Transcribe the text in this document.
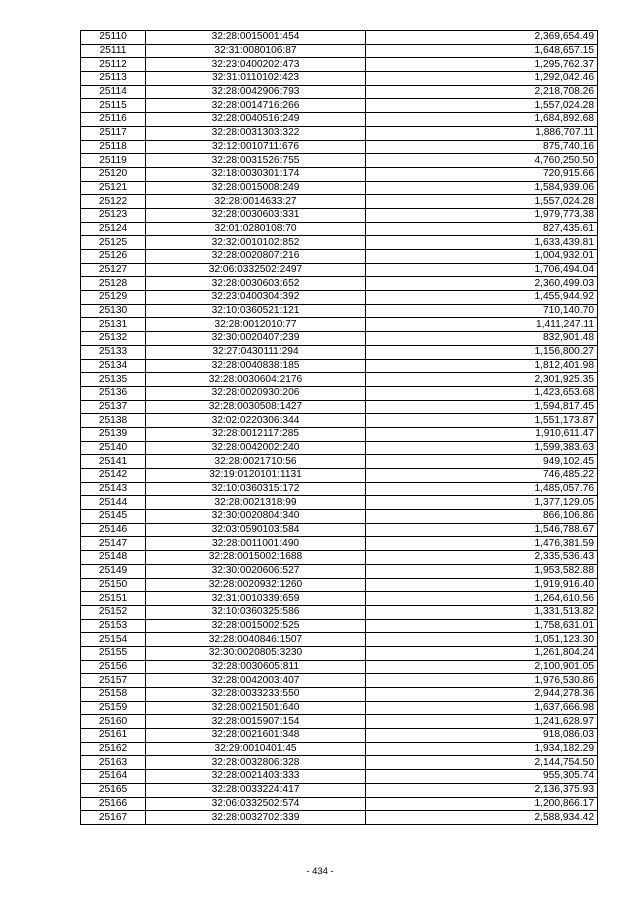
25110	32:28:0015001:454	2,369,654.49
25111	32:31:0080106:87	1,648,657.15
25112	32:23:0400202:473	1,295,762.37
25113	32:31:0110102:423	1,292,042.46
25114	32:28:0042906:793	2,218,708.26
25115	32:28:0014716:266	1,557,024.28
25116	32:28:0040516:249	1,684,892.68
25117	32:28:0031303:322	1,886,707.11
25118	32:12:0010711:676	875,740.16
25119	32:28:0031526:755	4,760,250.50
25120	32:18:0030301:174	720,915.66
25121	32:28:0015008:249	1,584,939.06
25122	32:28:0014633:27	1,557,024.28
25123	32:28:0030603:331	1,979,773.38
25124	32:01:0280108:70	827,435.61
25125	32:32:0010102:852	1,633,439.81
25126	32:28:0020807:216	1,004,932.01
25127	32:06:0332502:2497	1,706,494.04
25128	32:28:0030603:652	2,360,499.03
25129	32:23:0400304:392	1,455,944.92
25130	32:10:0360521:121	710,140.70
25131	32:28:0012010:77	1,411,247.11
25132	32:30:0020407:239	832,901.48
25133	32:27:0430111:294	1,156,800.27
25134	32:28:0040838:185	1,812,401.98
25135	32:28:0030604:2176	2,301,925.35
25136	32:28:0020930:206	1,423,653.68
25137	32:28:0030508:1427	1,594,817.45
25138	32:02:0220306:344	1,551,173.87
25139	32:28:0012117:285	1,910,611.47
25140	32:28:0042002:240	1,599,383.63
25141	32:28:0021710:56	949,102.45
25142	32:19:0120101:1131	746,485.22
25143	32:10:0360315:172	1,485,057.76
25144	32:28:0021318:99	1,377,129.05
25145	32:30:0020804:340	866,106.86
25146	32:03:0590103:584	1,546,788.67
25147	32:28:0011001:490	1,476,381.59
25148	32:28:0015002:1688	2,335,536.43
25149	32:30:0020606:527	1,953,582.88
25150	32:28:0020932:1260	1,919,916.40
25151	32:31:0010339:659	1,264,610.56
25152	32:10:0360325:586	1,331,513.82
25153	32:28:0015002:525	1,758,631.01
25154	32:28:0040846:1507	1,051,123.30
25155	32:30:0020805:3230	1,261,804.24
25156	32:28:0030605:811	2,100,901.05
25157	32:28:0042003:407	1,976,530.86
25158	32:28:0033233:550	2,944,278.36
25159	32:28:0021501:640	1,637,666.98
25160	32:28:0015907:154	1,241,628.97
25161	32:28:0021601:348	918,086.03
25162	32:29:0010401:45	1,934,182.29
25163	32:28:0032806:328	2,144,754.50
25164	32:28:0021403:333	955,305.74
25165	32:28:0033224:417	2,136,375.93
25166	32:06:0332502:574	1,200,866.17
25167	32:28:0032702:339	2,588,934.42
- 434 -
